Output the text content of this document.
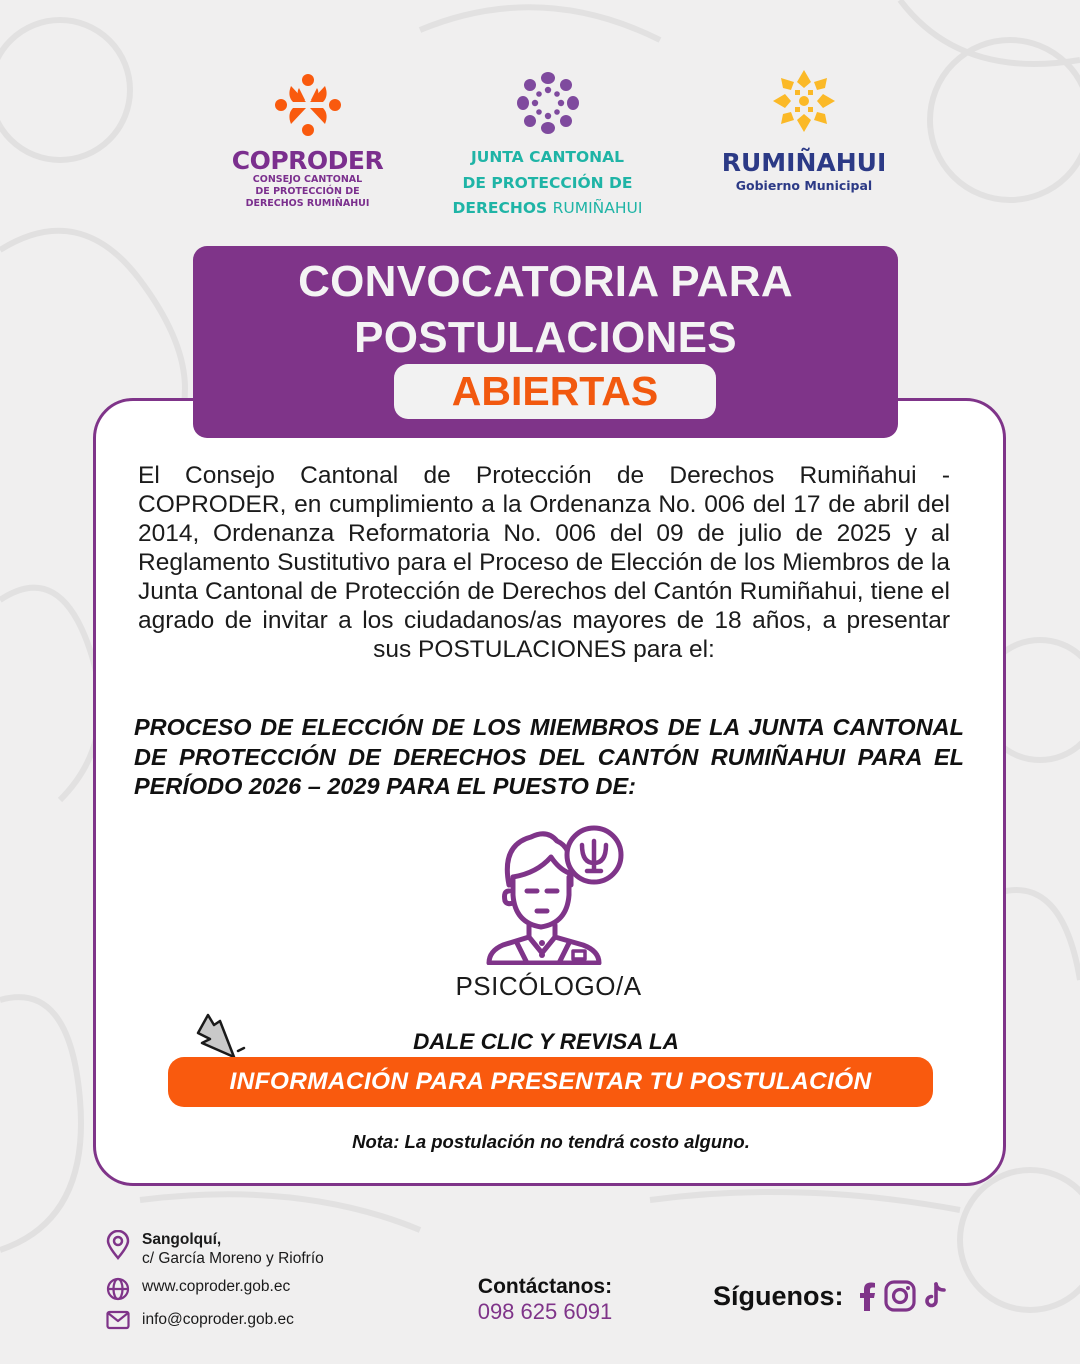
COPRODER
CONSEJO CANTONAL
DE PROTECCIÓN DE
DERECHOS RUMIÑAHUI
JUNTA CANTONAL
DE PROTECCIÓN DE
DERECHOS RUMIÑAHUI
RUMIÑAHUI
Gobierno Municipal
CONVOCATORIA PARA
POSTULACIONES
ABIERTAS

El Consejo Cantonal de Protección de Derechos Rumiñahui - COPRODER, en cumplimiento a la Ordenanza No. 006 del 17 de abril del 2014, Ordenanza Reformatoria No. 006 del 09 de julio de 2025 y al Reglamento Sustitutivo para el Proceso de Elección de los Miembros de la Junta Cantonal de Protección de Derechos del Cantón Rumiñahui, tiene el agrado de invitar a los ciudadanos/as mayores de 18 años, a presentar sus POSTULACIONES para el:

PROCESO DE ELECCIÓN DE LOS MIEMBROS DE LA JUNTA CANTONAL DE PROTECCIÓN DE DERECHOS DEL CANTÓN RUMIÑAHUI PARA EL PERÍODO 2026 – 2029 PARA EL PUESTO DE:

PSICÓLOGO/A
DALE CLIC Y REVISA LA
INFORMACIÓN PARA PRESENTAR TU POSTULACIÓN
Nota: La postulación no tendrá costo alguno.
Sangolquí,
c/ García Moreno y Riofrío
www.coproder.gob.ec
info@coproder.gob.ec
Contáctanos:
098 625 6091
Síguenos:
